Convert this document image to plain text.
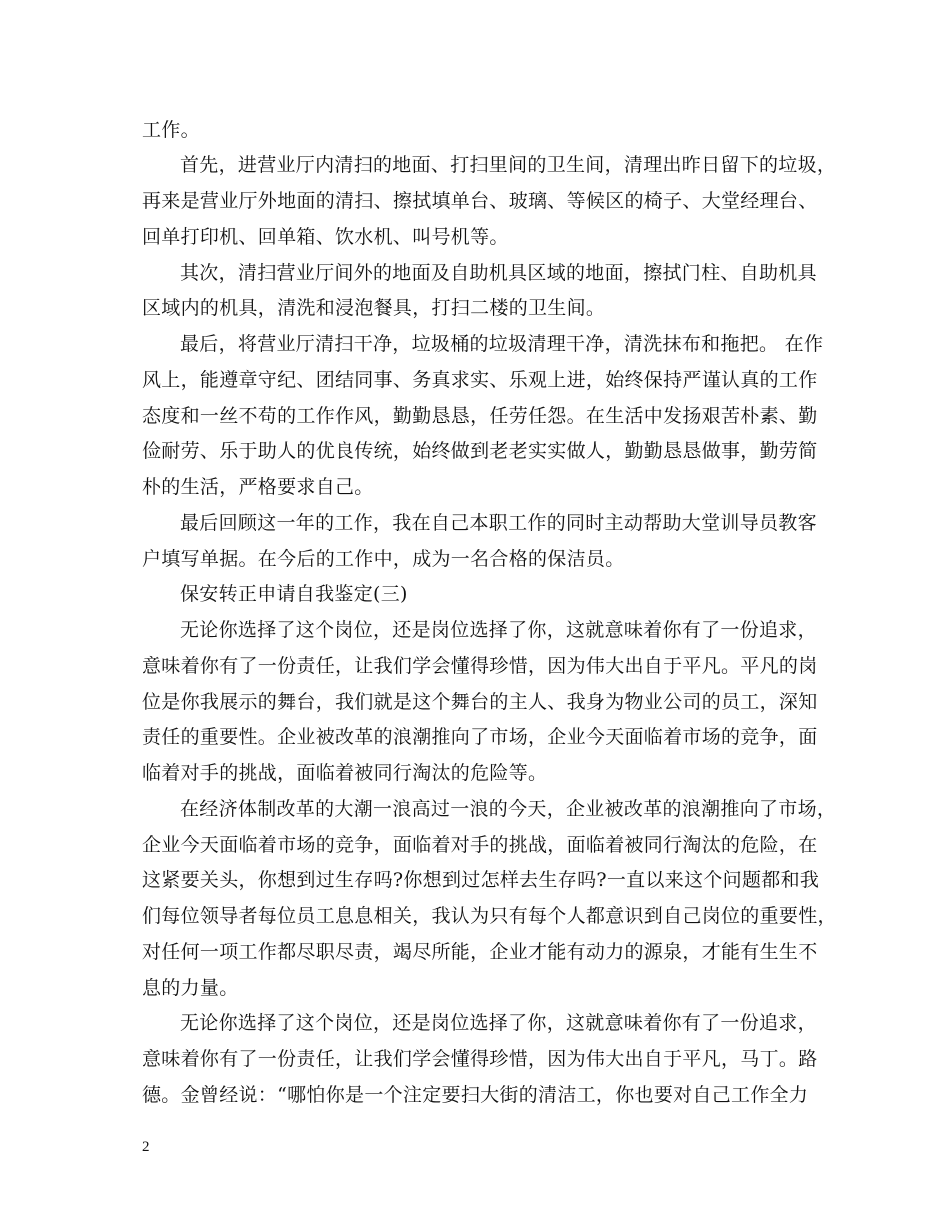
工作。
首先，进营业厅内清扫的地面、打扫里间的卫生间，清理出昨日留下的垃圾，
再来是营业厅外地面的清扫、擦拭填单台、玻璃、等候区的椅子、大堂经理台、
回单打印机、回单箱、饮水机、叫号机等。
其次，清扫营业厅间外的地面及自助机具区域的地面，擦拭门柱、自助机具
区域内的机具，清洗和浸泡餐具，打扫二楼的卫生间。
最后，将营业厅清扫干净，垃圾桶的垃圾清理干净，清洗抹布和拖把。 在作
风上，能遵章守纪、团结同事、务真求实、乐观上进，始终保持严谨认真的工作
态度和一丝不苟的工作作风，勤勤恳恳，任劳任怨。在生活中发扬艰苦朴素、勤
俭耐劳、乐于助人的优良传统，始终做到老老实实做人，勤勤恳恳做事，勤劳简
朴的生活，严格要求自己。
最后回顾这一年的工作，我在自己本职工作的同时主动帮助大堂训导员教客
户填写单据。在今后的工作中，成为一名合格的保洁员。
保安转正申请自我鉴定(三)
无论你选择了这个岗位，还是岗位选择了你，这就意味着你有了一份追求，
意味着你有了一份责任，让我们学会懂得珍惜，因为伟大出自于平凡。平凡的岗
位是你我展示的舞台，我们就是这个舞台的主人、我身为物业公司的员工，深知
责任的重要性。企业被改革的浪潮推向了市场，企业今天面临着市场的竞争，面
临着对手的挑战，面临着被同行淘汰的危险等。
在经济体制改革的大潮一浪高过一浪的今天，企业被改革的浪潮推向了市场，
企业今天面临着市场的竞争，面临着对手的挑战，面临着被同行淘汰的危险，在
这紧要关头，你想到过生存吗?你想到过怎样去生存吗?一直以来这个问题都和我
们每位领导者每位员工息息相关，我认为只有每个人都意识到自己岗位的重要性，
对任何一项工作都尽职尽责，竭尽所能，企业才能有动力的源泉，才能有生生不
息的力量。
无论你选择了这个岗位，还是岗位选择了你，这就意味着你有了一份追求，
意味着你有了一份责任，让我们学会懂得珍惜，因为伟大出自于平凡，马丁。路
德。金曾经说：“哪怕你是一个注定要扫大街的清洁工，你也要对自己工作全力
2
